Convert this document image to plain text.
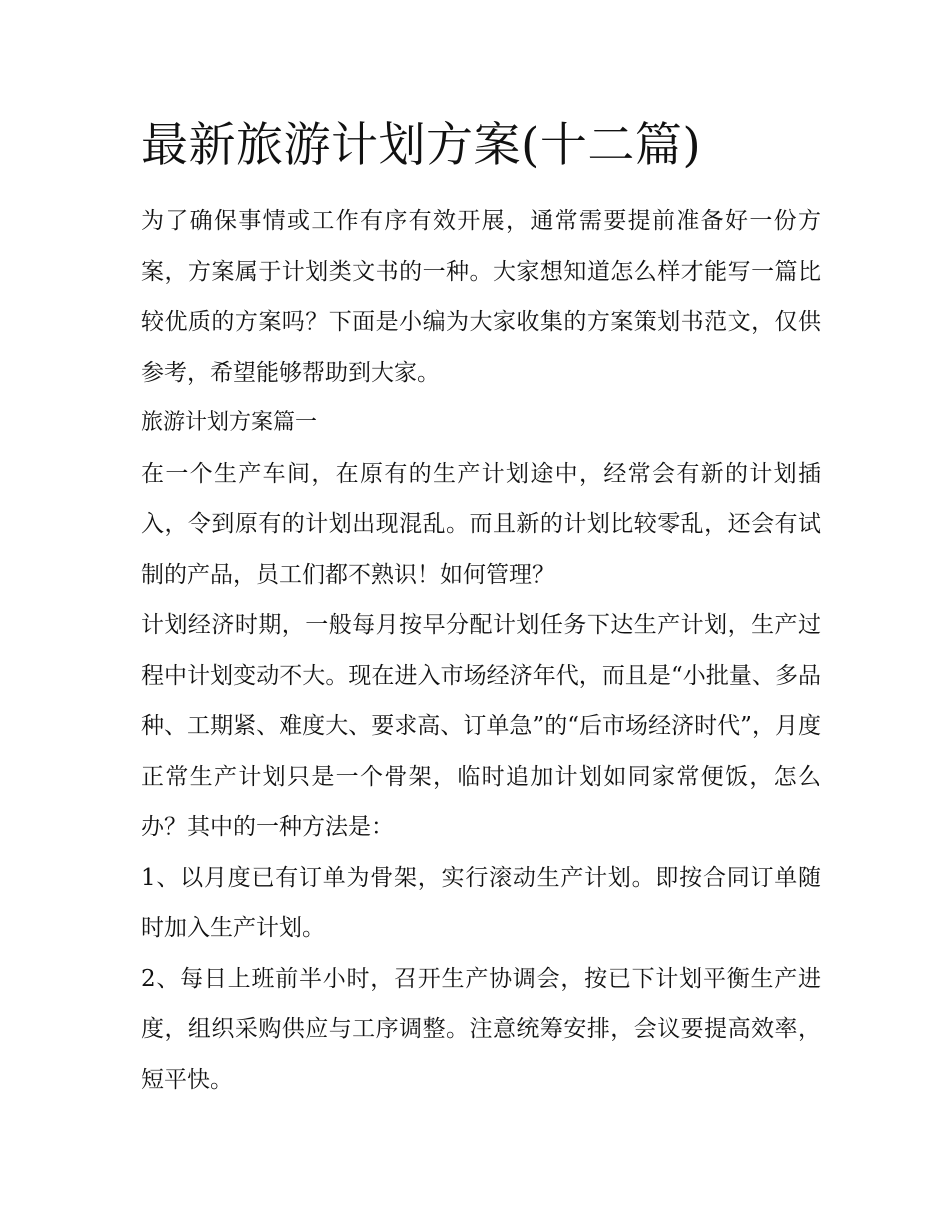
最新旅游计划方案(十二篇)

为了确保事情或工作有序有效开展，通常需要提前准备好一份方案，方案属于计划类文书的一种。大家想知道怎么样才能写一篇比较优质的方案吗？下面是小编为大家收集的方案策划书范文，仅供参考，希望能够帮助到大家。

旅游计划方案篇一

在一个生产车间，在原有的生产计划途中，经常会有新的计划插入，令到原有的计划出现混乱。而且新的计划比较零乱，还会有试制的产品，员工们都不熟识！如何管理？

计划经济时期，一般每月按早分配计划任务下达生产计划，生产过程中计划变动不大。现在进入市场经济年代，而且是“小批量、多品种、工期紧、难度大、要求高、订单急”的“后市场经济时代”，月度正常生产计划只是一个骨架，临时追加计划如同家常便饭，怎么办？其中的一种方法是：

1、以月度已有订单为骨架，实行滚动生产计划。即按合同订单随时加入生产计划。

2、每日上班前半小时，召开生产协调会，按已下计划平衡生产进度，组织采购供应与工序调整。注意统筹安排，会议要提高效率，短平快。
